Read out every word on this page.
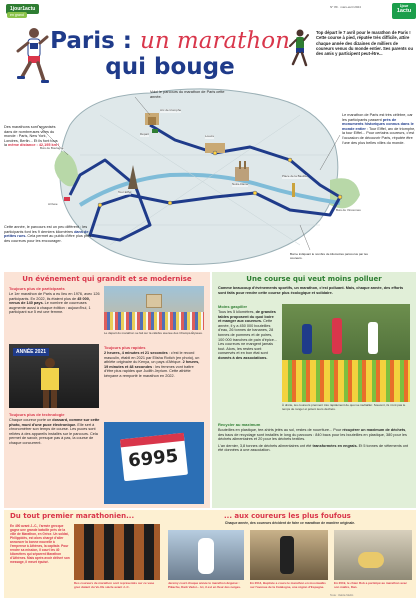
1jour1actu
en grand
N° 89 · mars-avril 2024	1jour
1actu
Paris : un marathon
qui bouge
Top départ le 7 avril pour le marathon de Paris ! Cette course à pied, réputée très difficile, attire chaque année des dizaines de milliers de coureurs venus du monde entier. Ses parents ou des amis y participent peut-être...
Voici le parcours du marathon de Paris cette année.
Des marathons sont organisés dans de nombreuses villes du monde : Paris, New York, Londres, Berlin... Et ils font tous la même distance : 42,195 km !
Cette année, le parcours est un peu différent : les participants font les 9 derniers kilomètres dans de petites rues. Cela permet au public d'être plus près des coureurs pour les encourager.
Le marathon de Paris est très célèbre, car les participants passent près de monuments historiques connus dans le monde entier : Tour Eiffel, arc de triomphe, la tour Eiffel... Pour certains coureurs, c'est l'occasion de découvrir Paris, réputée être l'une des plus belles villes du monde.
Borne indiquant le nombre de kilomètres parcourus par les coureurs.
Départ
Arrivée
Tour Eiffel
Arc de triomphe
Notre-Dame
Louvre
Bois de Boulogne
Bois de Vincennes
Place de la Bastille
Un événement qui grandit et se modernise
Toujours plus de participants
Le 1er marathon de Paris a eu lieu en 1976, avec 126 participants. En 2022, ils étaient plus de 45 000, venus de 140 pays. Le nombre de coureuses augmente aussi à chaque édition : aujourd'hui, 1 participant sur 5 est une femme.
Le départ du marathon se fait sur la célèbre avenue des Champs-Élysées.
ANNÉE 2021
Toujours plus rapides
2 heures, 4 minutes et 21 secondes : c'est le record masculin, établi en 2021 par Elisha Rotich (en photo), un athlète originaire du Kenya, un pays d'Afrique. 2 heures, 19 minutes et 48 secondes : les femmes vont battre d'être plus rapides que Judith Jeptum. Cette athlète kényane a remporté le marathon en 2022.
Toujours plus de technologie
Chaque coureur porte un dossard, comme sur cette photo, muni d'une puce électronique. Elle sert à chronométrer son temps de course. Les puces sont reliées à des appareils installés sur le parcours. Cela permet de savoir, presque pas à pas, la course de chaque concurrent.
6995
Une course qui veut moins polluer
Comme beaucoup d'événements sportifs, un marathon, c'est polluant. Mais, chaque année, des efforts sont faits pour rendre cette course plus écologique et solidaire.
Moins gaspiller
Tous les 5 kilomètres, de grandes tables proposent du quoi boire et manger aux coureurs. Cette année, il y a 450 000 bouteilles d'eau, 26 tonnes de bananes, 28 tonnes de pommes et de poires, 100 000 tranches de pain d'épice... Les coureurs ne mangent jamais tout. Alors, les restes sont conservés et en bon état sont donnés à des associations.
À droite, les coureurs prennent très rapidement de quoi se ravitailler. Souvent, ils n'ont pas le temps de ranger et jettent leurs déchets.
Recycler au maximum
Bouteilles en plastique, tee-shirts jetés au sol, restes de nourriture... Pour récupérer un maximum de déchets, des bacs de recyclage sont installés le long du parcours : 840 bacs pour les bouteilles en plastique, 380 pour les déchets alimentaires et 20 pour les déchets textiles.
L'an dernier, 3,8 tonnes de déchets alimentaires ont été transformées en engrais. Et 5 tonnes de vêtements ont été données à une association.
Du tout premier marathonien...	... aux coureurs les plus foufous
Chaque année, des coureurs décident de faire ce marathon de manière originale.
En 490 avant J.-C., l'armée grecque gagne une grande bataille près de la ville de Marathon, en Grèce. Un soldat, Philippidès, est alors chargé d'aller annoncer la bonne nouvelle à l'empereur à Athènes, la capitale. Pour rendre sa mission, il court les 40 kilomètres qui séparent Marathon d'Athènes. Mais après avoir délivré son message, il meurt épuisé.
Des coureurs de marathon sont représentés sur ce vase grec datant du Ve-IVe siècle avant J.-C.
Jeremy court chaque année le marathon déguisé : Pikachu, Dark Vador... Ici, il est en fleur des neiges.
En 2014, Baptiste a couru le marathon en moonwalks sur l'avenue de la Catalogne, une région d'Espagne.
En 2019, le chien Rob a participé au marathon avec son maître, Dan.
Texte : Valérie Martin
